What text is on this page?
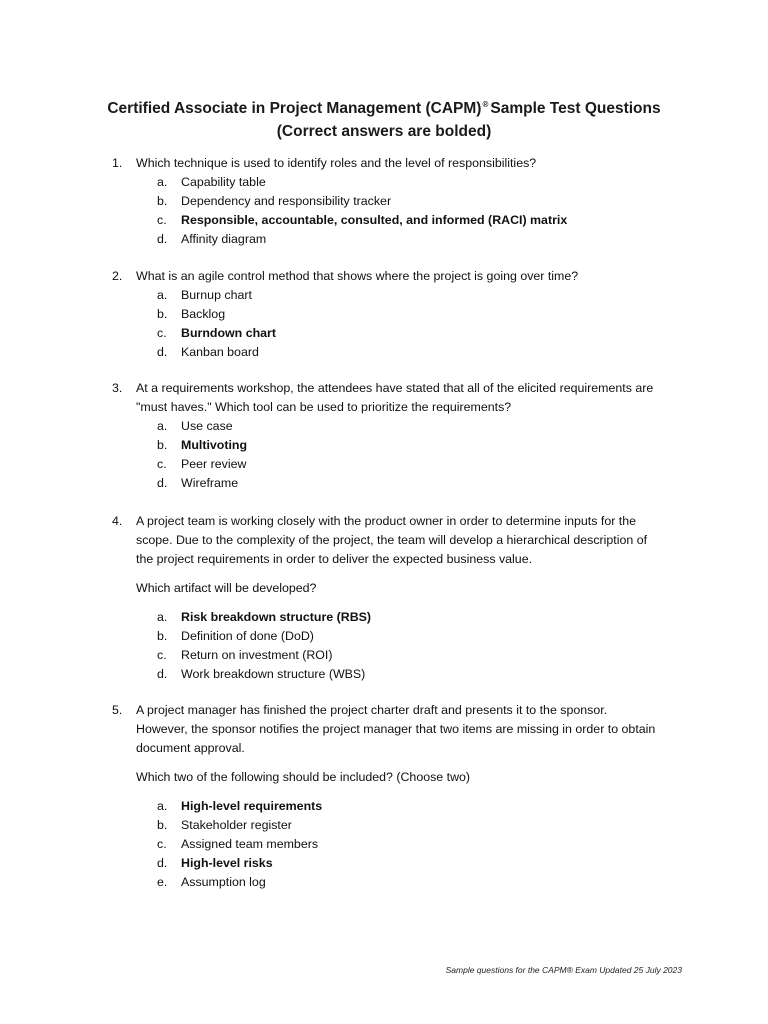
Certified Associate in Project Management (CAPM)® Sample Test Questions
(Correct answers are bolded)
1. Which technique is used to identify roles and the level of responsibilities?
a. Capability table
b. Dependency and responsibility tracker
c. Responsible, accountable, consulted, and informed (RACI) matrix
d. Affinity diagram
2. What is an agile control method that shows where the project is going over time?
a. Burnup chart
b. Backlog
c. Burndown chart
d. Kanban board
3. At a requirements workshop, the attendees have stated that all of the elicited requirements are
"must haves." Which tool can be used to prioritize the requirements?
a. Use case
b. Multivoting
c. Peer review
d. Wireframe
4. A project team is working closely with the product owner in order to determine inputs for the
scope. Due to the complexity of the project, the team will develop a hierarchical description of
the project requirements in order to deliver the expected business value.
Which artifact will be developed?
a. Risk breakdown structure (RBS)
b. Definition of done (DoD)
c. Return on investment (ROI)
d. Work breakdown structure (WBS)
5. A project manager has finished the project charter draft and presents it to the sponsor.
However, the sponsor notifies the project manager that two items are missing in order to obtain
document approval.
Which two of the following should be included? (Choose two)
a. High-level requirements
b. Stakeholder register
c. Assigned team members
d. High-level risks
e. Assumption log
Sample questions for the CAPM® Exam Updated 25 July 2023
